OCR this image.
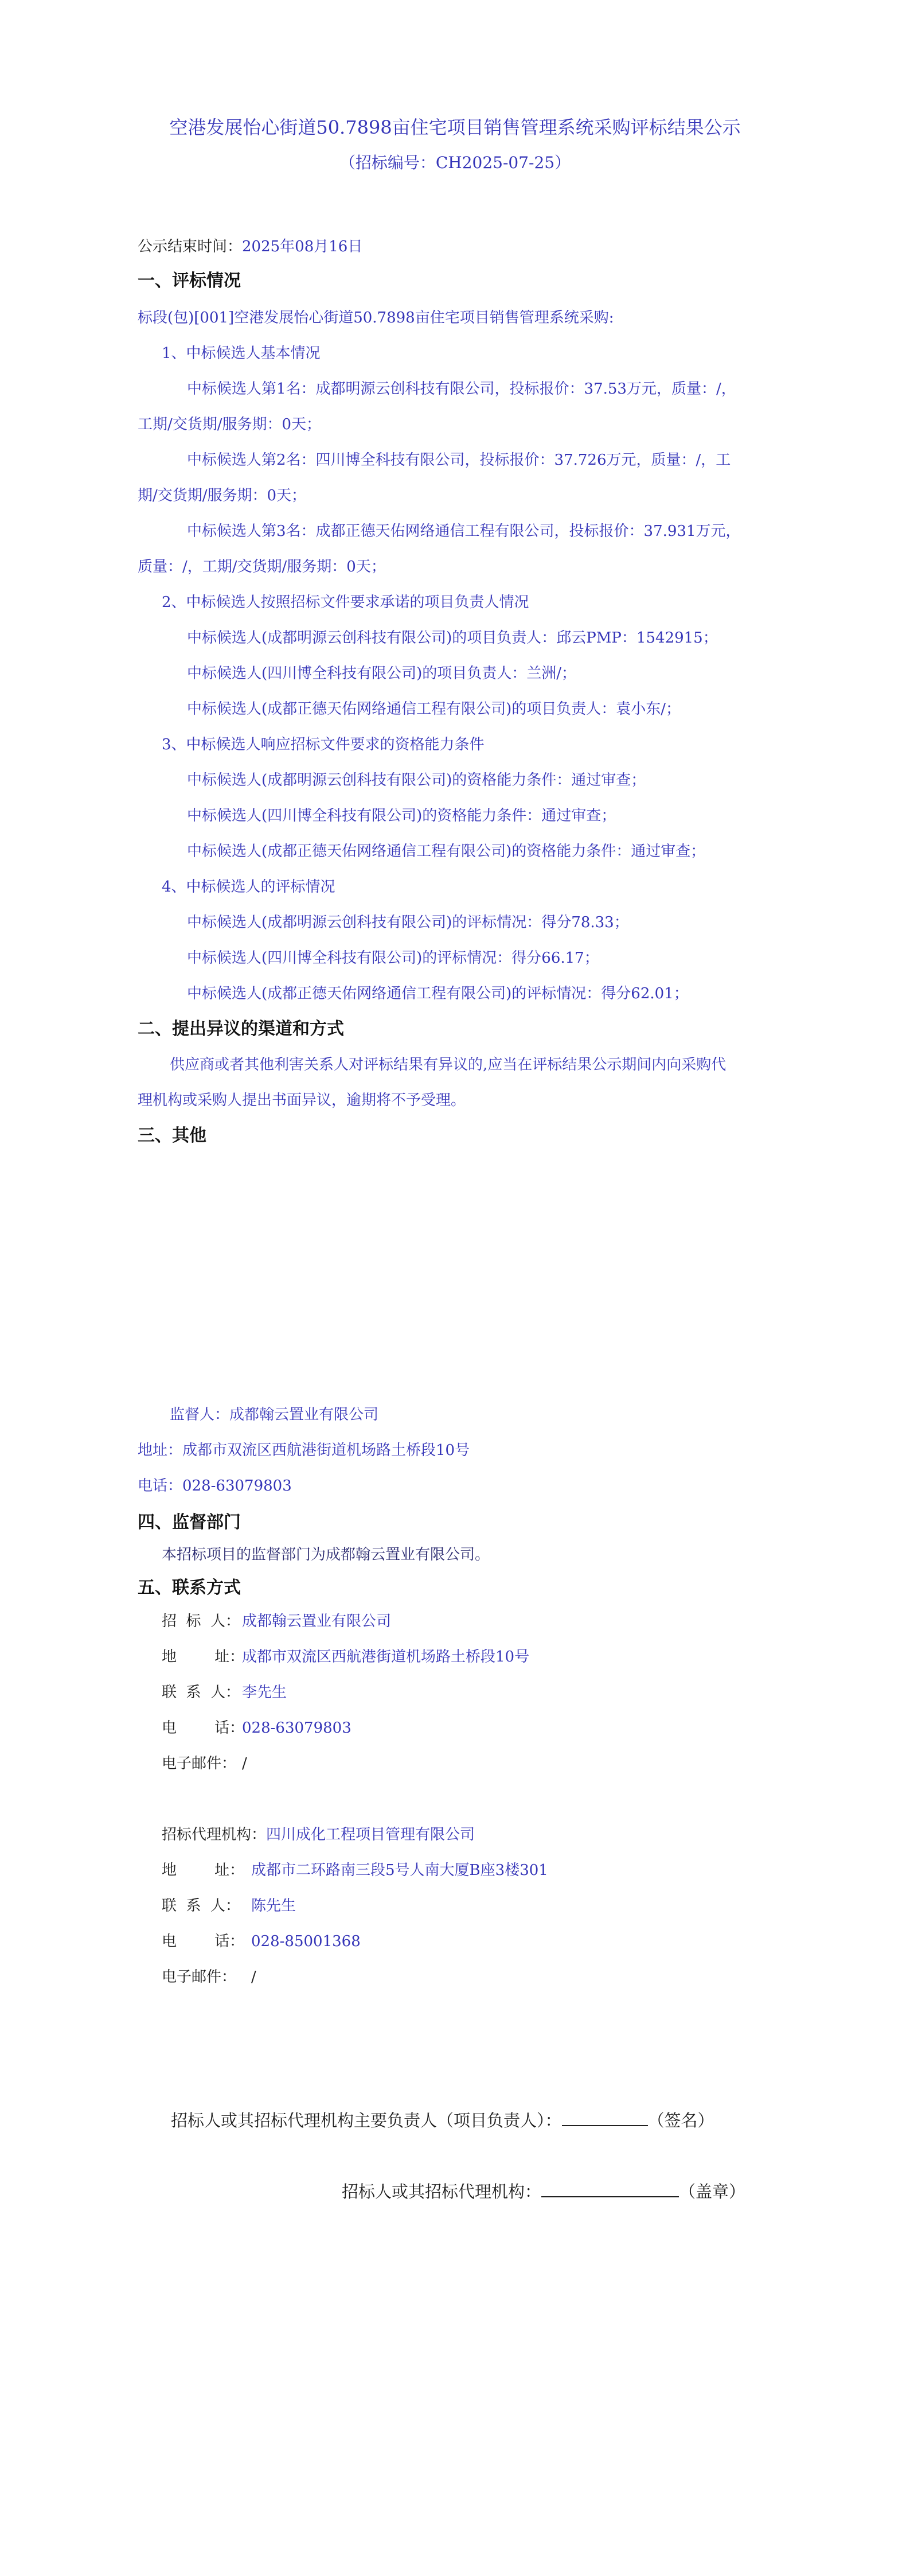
空港发展怡心街道50.7898亩住宅项目销售管理系统采购评标结果公示
（招标编号：CH2025-07-25）
公示结束时间：2025年08月16日
一、评标情况
标段(包)[001]空港发展怡心街道50.7898亩住宅项目销售管理系统采购:
1、中标候选人基本情况
中标候选人第1名：成都明源云创科技有限公司，投标报价：37.53万元，质量：/，
工期/交货期/服务期：0天；
中标候选人第2名：四川博全科技有限公司，投标报价：37.726万元，质量：/，工
期/交货期/服务期：0天；
中标候选人第3名：成都正德天佑网络通信工程有限公司，投标报价：37.931万元，
质量：/，工期/交货期/服务期：0天；
2、中标候选人按照招标文件要求承诺的项目负责人情况
中标候选人(成都明源云创科技有限公司)的项目负责人：邱云PMP：1542915；
中标候选人(四川博全科技有限公司)的项目负责人：兰洲/；
中标候选人(成都正德天佑网络通信工程有限公司)的项目负责人：袁小东/；
3、中标候选人响应招标文件要求的资格能力条件
中标候选人(成都明源云创科技有限公司)的资格能力条件：通过审查；
中标候选人(四川博全科技有限公司)的资格能力条件：通过审查；
中标候选人(成都正德天佑网络通信工程有限公司)的资格能力条件：通过审查；
4、中标候选人的评标情况
中标候选人(成都明源云创科技有限公司)的评标情况：得分78.33；
中标候选人(四川博全科技有限公司)的评标情况：得分66.17；
中标候选人(成都正德天佑网络通信工程有限公司)的评标情况：得分62.01；
二、提出异议的渠道和方式
供应商或者其他利害关系人对评标结果有异议的,应当在评标结果公示期间内向采购代
理机构或采购人提出书面异议，逾期将不予受理。
三、其他
监督人：成都翰云置业有限公司
地址：成都市双流区西航港街道机场路土桥段10号
电话：028-63079803
四、监督部门
本招标项目的监督部门为成都翰云置业有限公司。
五、联系方式
招  标  人： 成都翰云置业有限公司
地        址：成都市双流区西航港街道机场路土桥段10号
联  系  人： 李先生
电        话：028-63079803
电子邮件： /
招标代理机构：四川成化工程项目管理有限公司
地        址： 成都市二环路南三段5号人南大厦B座3楼301
联  系  人： 陈先生
电        话： 028-85001368
电子邮件： /
招标人或其招标代理机构主要负责人（项目负责人）：	（签名）
招标人或其招标代理机构：	（盖章）
